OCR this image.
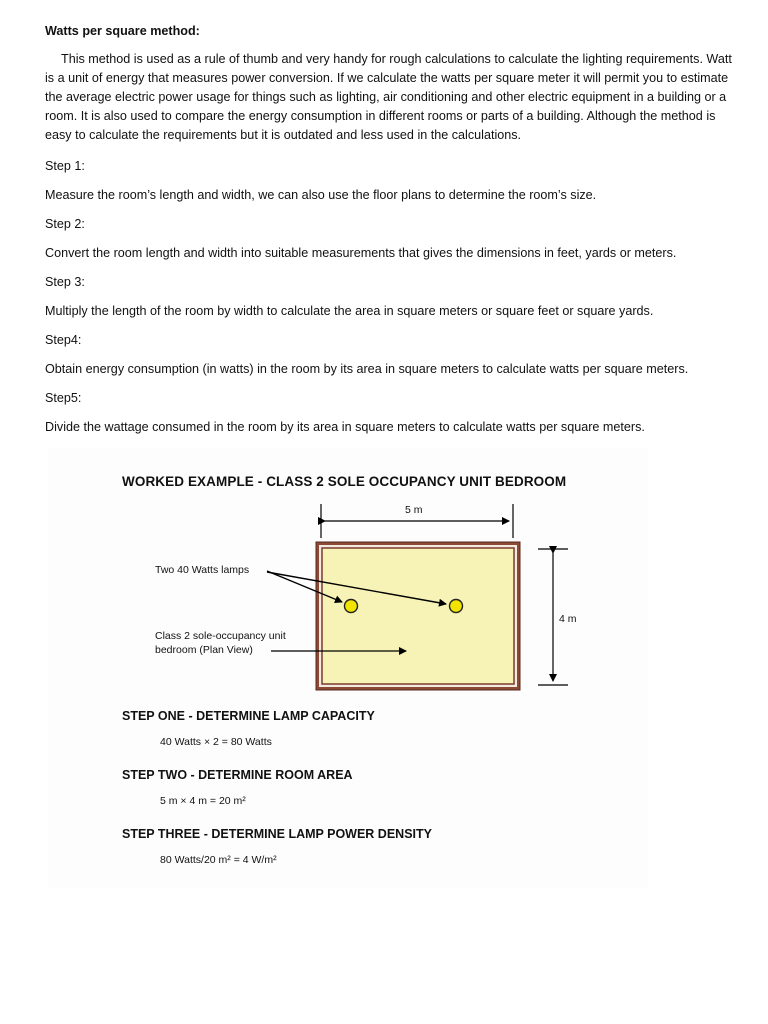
Watts per square method:

This method is used as a rule of thumb and very handy for rough calculations to calculate the lighting requirements. Watt is a unit of energy that measures power conversion. If we calculate the watts per square meter it will permit you to estimate the average electric power usage for things such as lighting, air conditioning and other electric equipment in a building or a room. It is also used to compare the energy consumption in different rooms or parts of a building. Although the method is easy to calculate the requirements but it is outdated and less used in the calculations.

Step 1:

Measure the room’s length and width, we can also use the floor plans to determine the room’s size.

Step 2:

Convert the room length and width into suitable measurements that gives the dimensions in feet, yards or meters.

Step 3:

Multiply the length of the room by width to calculate the area in square meters or square feet or square yards.

Step4:

Obtain energy consumption (in watts) in the room by its area in square meters to calculate watts per square meters.

Step5:

Divide the wattage consumed in the room by its area in square meters to calculate watts per square meters.

WORKED EXAMPLE - CLASS 2 SOLE OCCUPANCY UNIT BEDROOM
5 m
4 m
Two 40 Watts lamps
Class 2 sole-occupancy unit
bedroom (Plan View)
STEP ONE - DETERMINE LAMP CAPACITY
40 Watts × 2 = 80 Watts
STEP TWO - DETERMINE ROOM AREA
5 m × 4 m = 20 m²
STEP THREE - DETERMINE LAMP POWER DENSITY
80 Watts/20 m² = 4 W/m²
